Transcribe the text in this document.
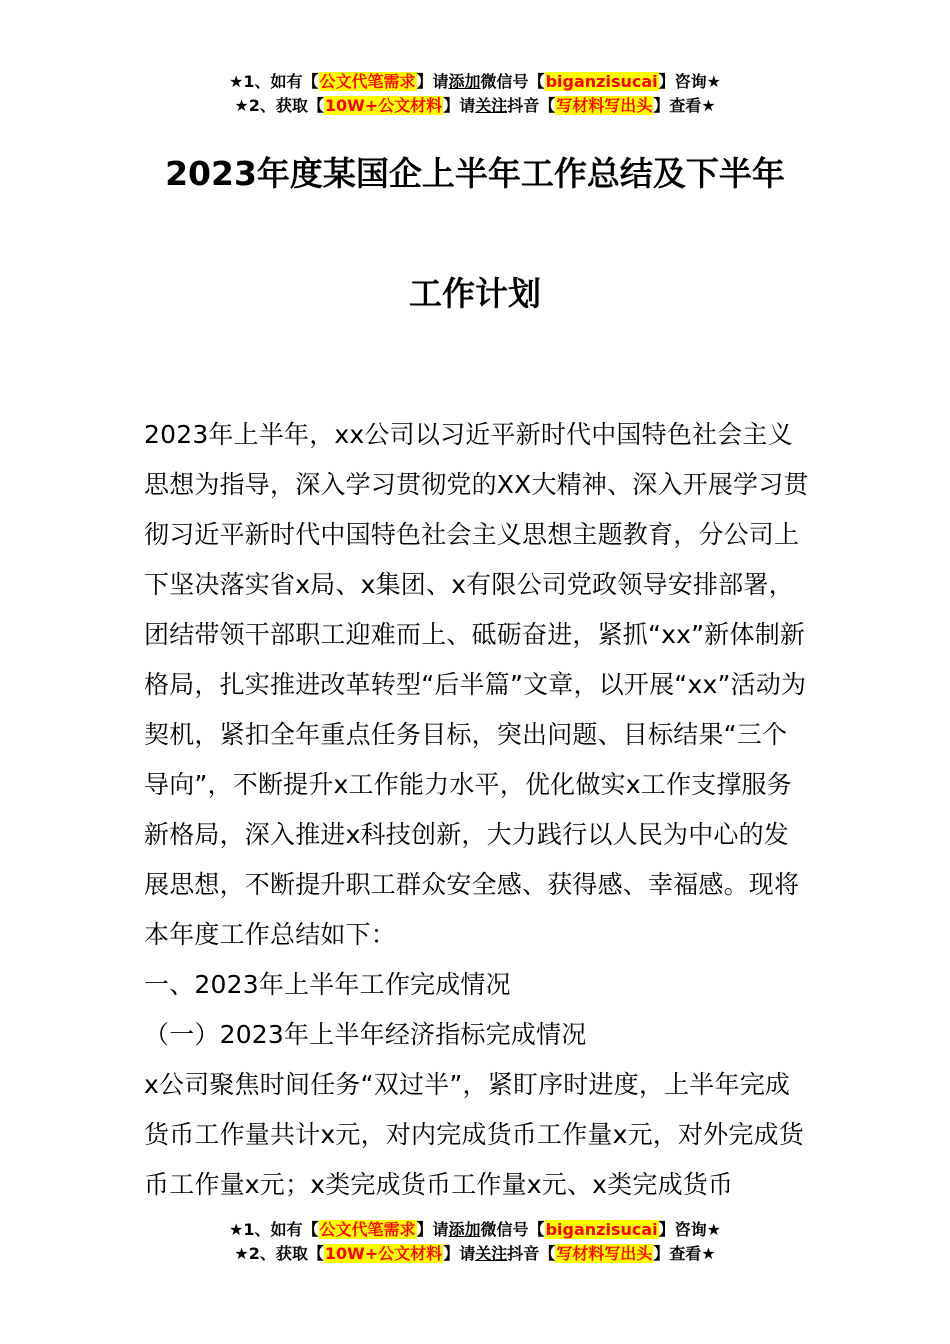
★1、如有【公文代笔需求】请添加微信号【biganzisucai】咨询★
★2、获取【10W+公文材料】请关注抖音【写材料写出头】查看★
2023年度某国企上半年工作总结及下半年
工作计划

2023年上半年，xx公司以习近平新时代中国特色社会主义思想为指导，深入学习贯彻党的XX大精神、深入开展学习贯彻习近平新时代中国特色社会主义思想主题教育，分公司上下坚决落实省x局、x集团、x有限公司党政领导安排部署，团结带领干部职工迎难而上、砥砺奋进，紧抓“xx”新体制新格局，扎实推进改革转型“后半篇”文章，以开展“xx”活动为契机，紧扣全年重点任务目标，突出问题、目标结果“三个导向”，不断提升x工作能力水平，优化做实x工作支撑服务新格局，深入推进x科技创新，大力践行以人民为中心的发展思想，不断提升职工群众安全感、获得感、幸福感。现将本年度工作总结如下：

一、2023年上半年工作完成情况

（一）2023年上半年经济指标完成情况

x公司聚焦时间任务“双过半”，紧盯序时进度，上半年完成货币工作量共计x元，对内完成货币工作量x元，对外完成货币工作量x元；x类完成货币工作量x元、x类完成货币

★1、如有【公文代笔需求】请添加微信号【biganzisucai】咨询★
★2、获取【10W+公文材料】请关注抖音【写材料写出头】查看★
